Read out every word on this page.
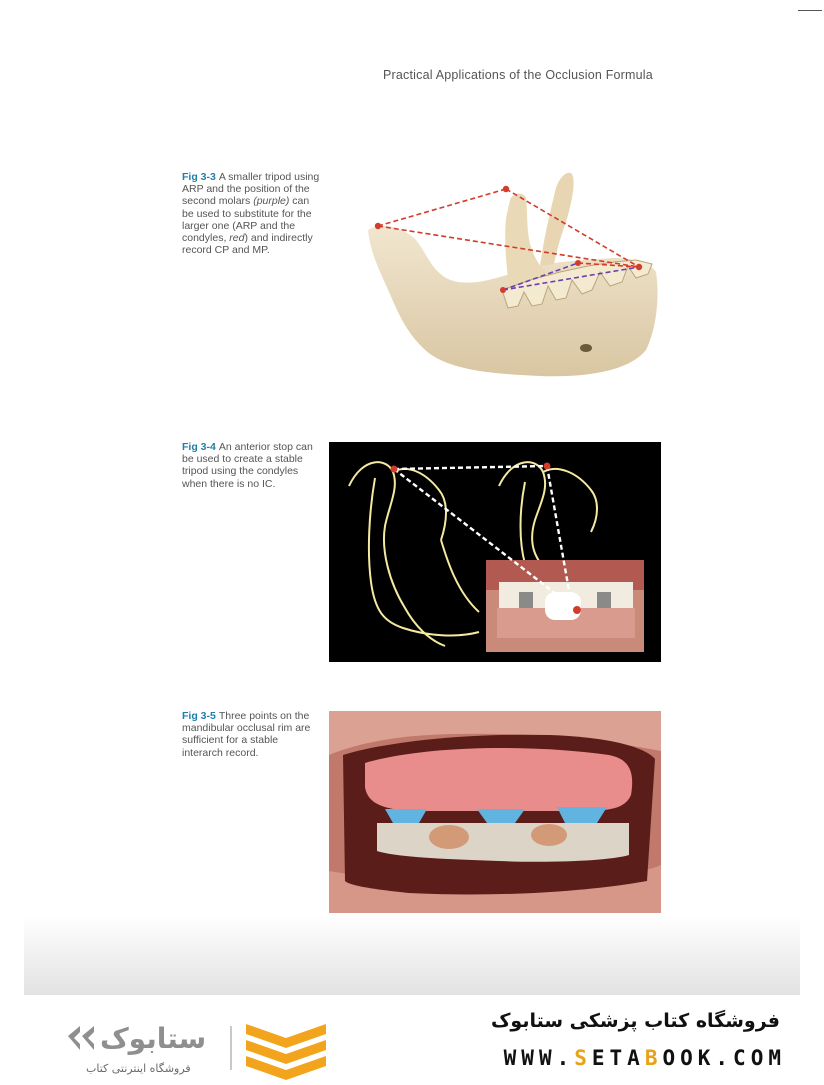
Practical Applications of the Occlusion Formula
Fig 3-3 A smaller tripod using ARP and the position of the second molars (purple) can be used to substitute for the larger one (ARP and the condyles, red) and indirectly record CP and MP.
Fig 3-4 An anterior stop can be used to create a stable tripod using the condyles when there is no IC.
Fig 3-5 Three points on the mandibular occlusal rim are sufficient for a stable interarch record.
ستابوک
فروشگاه اینترنتی کتاب
فروشگاه کتاب پزشکی ستابوک
WWW.SETABOOK.COM
